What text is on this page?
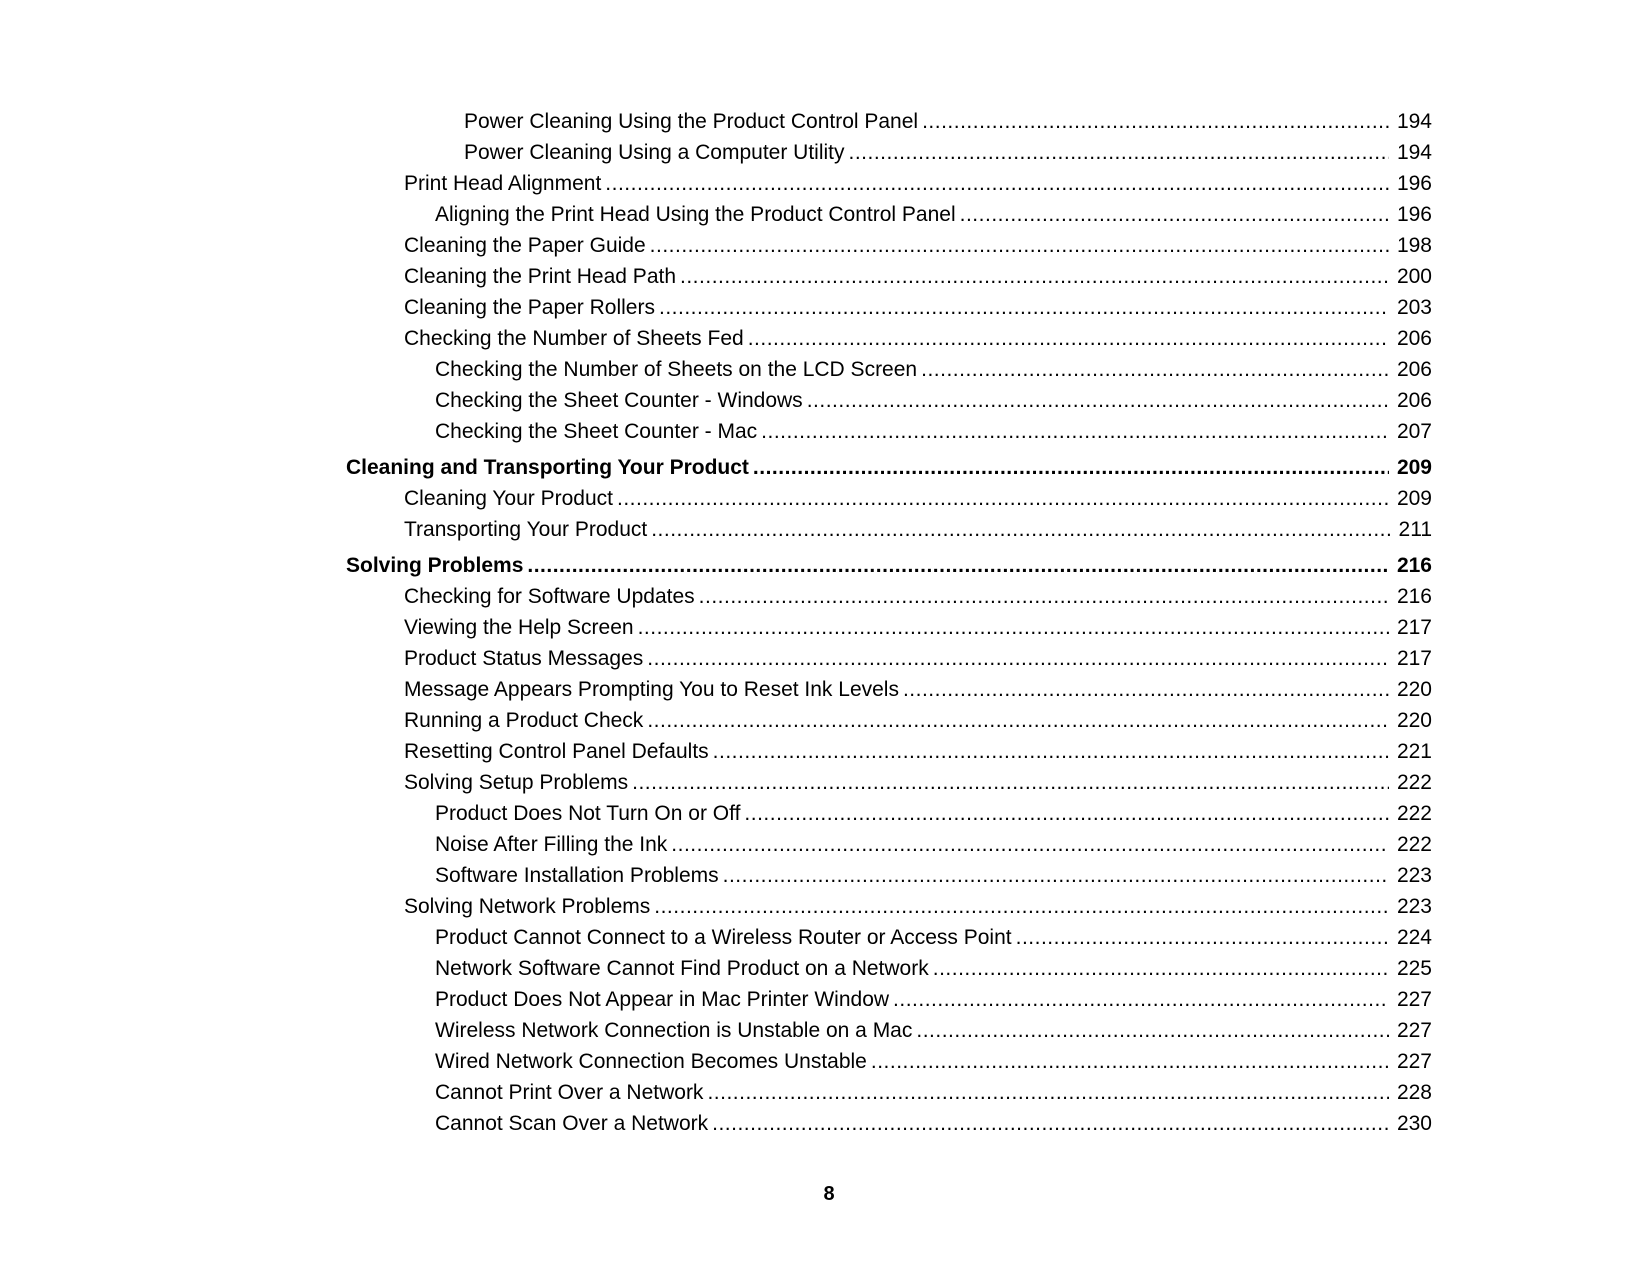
Power Cleaning Using the Product Control Panel .....	194
Power Cleaning Using a Computer Utility .....	194
Print Head Alignment .....	196
Aligning the Print Head Using the Product Control Panel .....	196
Cleaning the Paper Guide .....	198
Cleaning the Print Head Path .....	200
Cleaning the Paper Rollers .....	203
Checking the Number of Sheets Fed .....	206
Checking the Number of Sheets on the LCD Screen .....	206
Checking the Sheet Counter - Windows .....	206
Checking the Sheet Counter - Mac .....	207
Cleaning and Transporting Your Product .....	209
Cleaning Your Product .....	209
Transporting Your Product .....	211
Solving Problems .....	216
Checking for Software Updates .....	216
Viewing the Help Screen .....	217
Product Status Messages .....	217
Message Appears Prompting You to Reset Ink Levels .....	220
Running a Product Check .....	220
Resetting Control Panel Defaults .....	221
Solving Setup Problems .....	222
Product Does Not Turn On or Off .....	222
Noise After Filling the Ink .....	222
Software Installation Problems .....	223
Solving Network Problems .....	223
Product Cannot Connect to a Wireless Router or Access Point .....	224
Network Software Cannot Find Product on a Network .....	225
Product Does Not Appear in Mac Printer Window .....	227
Wireless Network Connection is Unstable on a Mac .....	227
Wired Network Connection Becomes Unstable .....	227
Cannot Print Over a Network .....	228
Cannot Scan Over a Network .....	230
8
